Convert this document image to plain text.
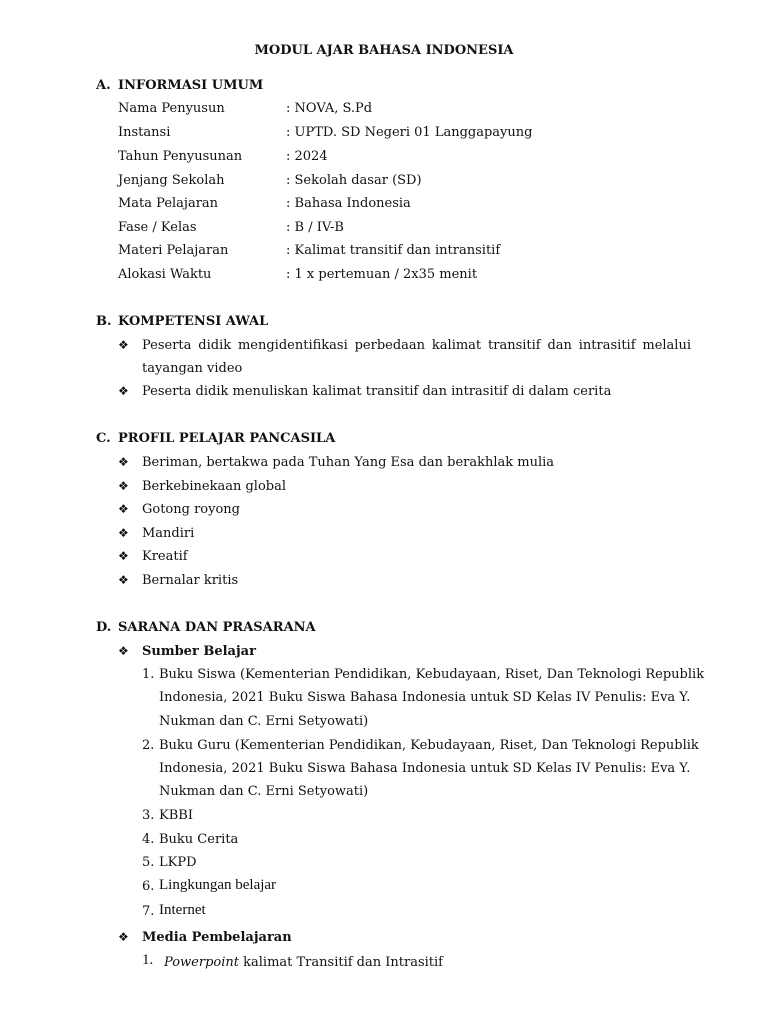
MODUL AJAR BAHASA INDONESIA
A. INFORMASI UMUM
Nama Penyusun	: NOVA, S.Pd
Instansi	: UPTD. SD Negeri 01 Langgapayung
Tahun Penyusunan	: 2024
Jenjang Sekolah	: Sekolah dasar (SD)
Mata Pelajaran	: Bahasa Indonesia
Fase / Kelas	: B / IV-B
Materi Pelajaran	: Kalimat transitif dan intransitif
Alokasi Waktu	: 1 x pertemuan / 2x35 menit
B. KOMPETENSI AWAL
❖ Peserta didik mengidentifikasi perbedaan kalimat transitif dan intrasitif melalui
tayangan video
❖ Peserta didik menuliskan kalimat transitif dan intrasitif di dalam cerita
C. PROFIL PELAJAR PANCASILA
❖ Beriman, bertakwa pada Tuhan Yang Esa dan berakhlak mulia
❖ Berkebinekaan global
❖ Gotong royong
❖ Mandiri
❖ Kreatif
❖ Bernalar kritis
D. SARANA DAN PRASARANA
❖ Sumber Belajar
1. Buku Siswa (Kementerian Pendidikan, Kebudayaan, Riset, Dan Teknologi Republik
Indonesia, 2021 Buku Siswa Bahasa Indonesia untuk SD Kelas IV Penulis: Eva Y.
Nukman dan C. Erni Setyowati)
2. Buku Guru (Kementerian Pendidikan, Kebudayaan, Riset, Dan Teknologi Republik
Indonesia, 2021 Buku Siswa Bahasa Indonesia untuk SD Kelas IV Penulis: Eva Y.
Nukman dan C. Erni Setyowati)
3. KBBI
4. Buku Cerita
5. LKPD
6. Lingkungan belajar
7. Internet
❖ Media Pembelajaran
1. Powerpoint kalimat Transitif dan Intrasitif
